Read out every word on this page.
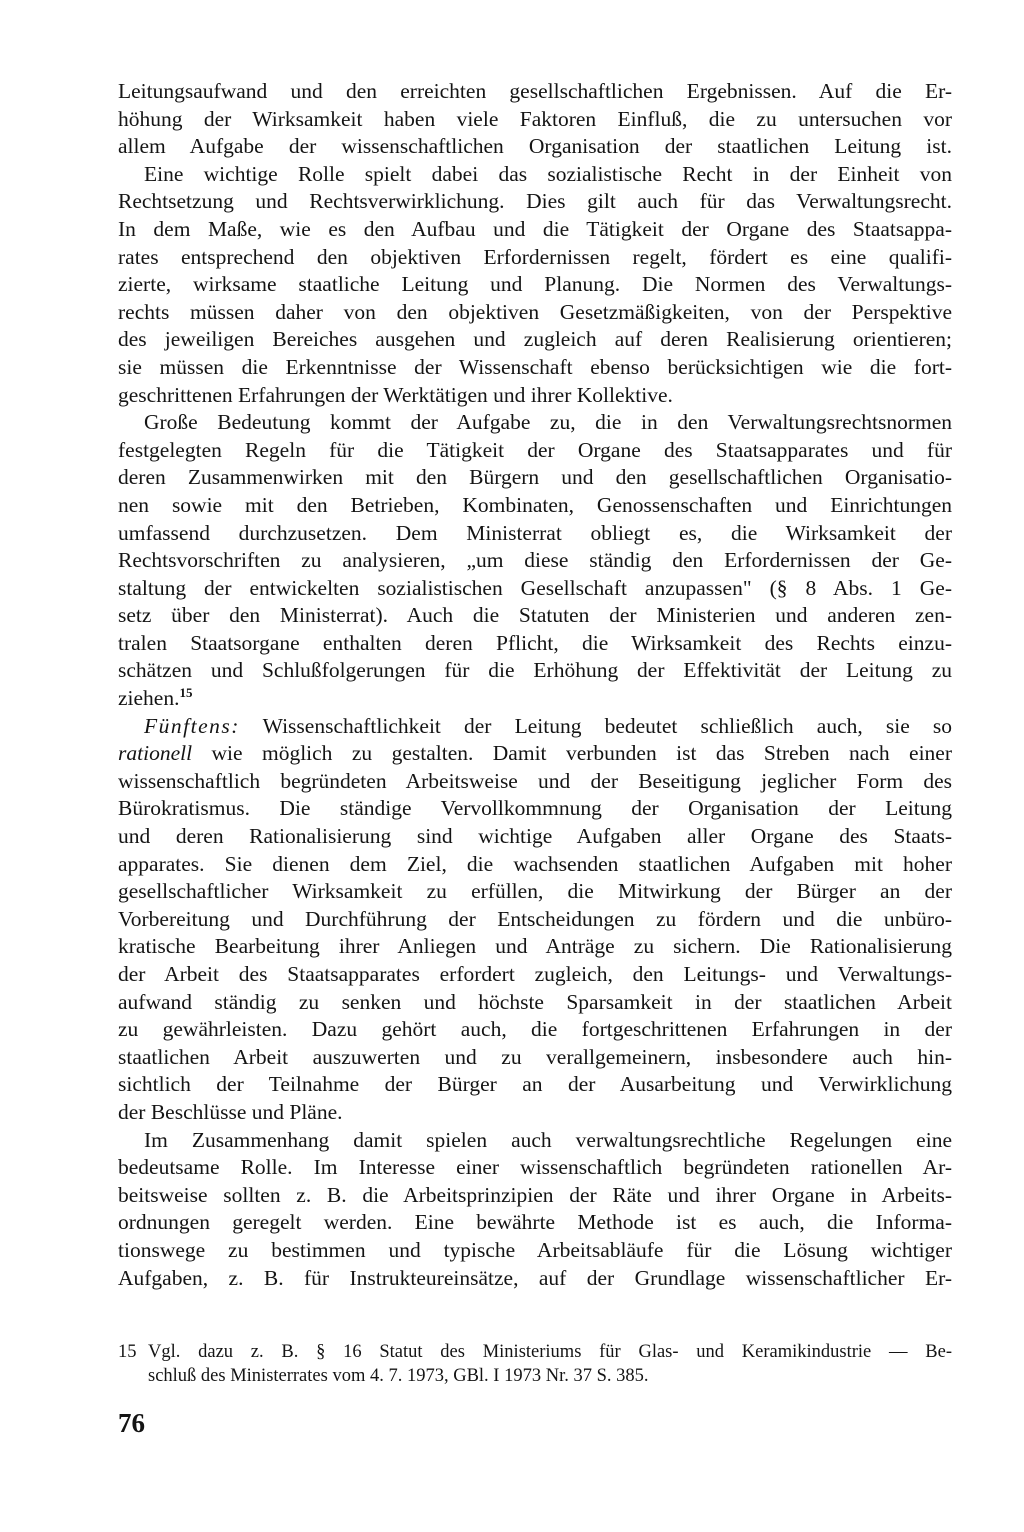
Leitungsaufwand und den erreichten gesellschaftlichen Ergebnissen. Auf die Er-
höhung der Wirksamkeit haben viele Faktoren Einfluß, die zu untersuchen vor
allem Aufgabe der wissenschaftlichen Organisation der staatlichen Leitung ist.
Eine wichtige Rolle spielt dabei das sozialistische Recht in der Einheit von
Rechtsetzung und Rechtsverwirklichung. Dies gilt auch für das Verwaltungsrecht.
In dem Maße, wie es den Aufbau und die Tätigkeit der Organe des Staatsappa-
rates entsprechend den objektiven Erfordernissen regelt, fördert es eine qualifi-
zierte, wirksame staatliche Leitung und Planung. Die Normen des Verwaltungs-
rechts müssen daher von den objektiven Gesetzmäßigkeiten, von der Perspektive
des jeweiligen Bereiches ausgehen und zugleich auf deren Realisierung orientieren;
sie müssen die Erkenntnisse der Wissenschaft ebenso berücksichtigen wie die fort-
geschrittenen Erfahrungen der Werktätigen und ihrer Kollektive.
Große Bedeutung kommt der Aufgabe zu, die in den Verwaltungsrechtsnormen
festgelegten Regeln für die Tätigkeit der Organe des Staatsapparates und für
deren Zusammenwirken mit den Bürgern und den gesellschaftlichen Organisatio-
nen sowie mit den Betrieben, Kombinaten, Genossenschaften und Einrichtungen
umfassend durchzusetzen. Dem Ministerrat obliegt es, die Wirksamkeit der
Rechtsvorschriften zu analysieren, „um diese ständig den Erfordernissen der Ge-
staltung der entwickelten sozialistischen Gesellschaft anzupassen" (§ 8 Abs. 1 Ge-
setz über den Ministerrat). Auch die Statuten der Ministerien und anderen zen-
tralen Staatsorgane enthalten deren Pflicht, die Wirksamkeit des Rechts einzu-
schätzen und Schlußfolgerungen für die Erhöhung der Effektivität der Leitung zu
ziehen.$^{15}$
Fünftens: Wissenschaftlichkeit der Leitung bedeutet schließlich auch, sie so
rationell wie möglich zu gestalten. Damit verbunden ist das Streben nach einer
wissenschaftlich begründeten Arbeitsweise und der Beseitigung jeglicher Form des
Bürokratismus. Die ständige Vervollkommnung der Organisation der Leitung
und deren Rationalisierung sind wichtige Aufgaben aller Organe des Staats-
apparates. Sie dienen dem Ziel, die wachsenden staatlichen Aufgaben mit hoher
gesellschaftlicher Wirksamkeit zu erfüllen, die Mitwirkung der Bürger an der
Vorbereitung und Durchführung der Entscheidungen zu fördern und die unbüro-
kratische Bearbeitung ihrer Anliegen und Anträge zu sichern. Die Rationalisierung
der Arbeit des Staatsapparates erfordert zugleich, den Leitungs- und Verwaltungs-
aufwand ständig zu senken und höchste Sparsamkeit in der staatlichen Arbeit
zu gewährleisten. Dazu gehört auch, die fortgeschrittenen Erfahrungen in der
staatlichen Arbeit auszuwerten und zu verallgemeinern, insbesondere auch hin-
sichtlich der Teilnahme der Bürger an der Ausarbeitung und Verwirklichung
der Beschlüsse und Pläne.
Im Zusammenhang damit spielen auch verwaltungsrechtliche Regelungen eine
bedeutsame Rolle. Im Interesse einer wissenschaftlich begründeten rationellen Ar-
beitsweise sollten z. B. die Arbeitsprinzipien der Räte und ihrer Organe in Arbeits-
ordnungen geregelt werden. Eine bewährte Methode ist es auch, die Informa-
tionswege zu bestimmen und typische Arbeitsabläufe für die Lösung wichtiger
Aufgaben, z. B. für Instrukteureinsätze, auf der Grundlage wissenschaftlicher Er-
15 Vgl. dazu z. B. § 16 Statut des Ministeriums für Glas- und Keramikindustrie — Be-
schluß des Ministerrates vom 4. 7. 1973, GBl. I 1973 Nr. 37 S. 385.
76
